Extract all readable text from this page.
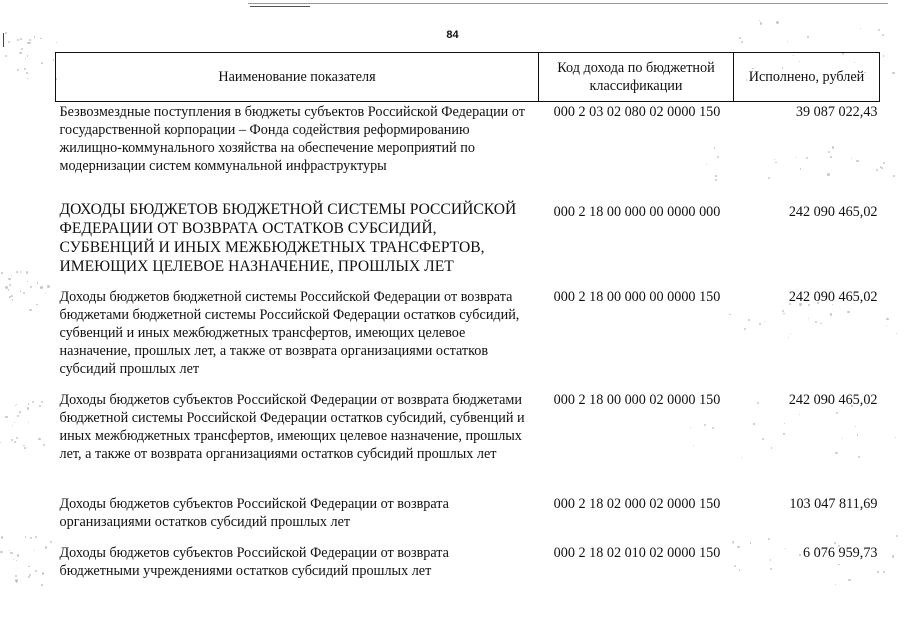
84
Наименование показателя	Код дохода по бюджетной классификации	Исполнено, рублей
Безвозмездные поступления в бюджеты субъектов Российской Федерации от государственной корпорации – Фонда содействия реформированию жилищно-коммунального хозяйства на обеспечение мероприятий по модернизации систем коммунальной инфраструктуры	000 2 03 02 080 02 0000 150	39 087 022,43

ДОХОДЫ БЮДЖЕТОВ БЮДЖЕТНОЙ СИСТЕМЫ РОССИЙСКОЙ ФЕДЕРАЦИИ ОТ ВОЗВРАТА ОСТАТКОВ СУБСИДИЙ, СУБВЕНЦИЙ И ИНЫХ МЕЖБЮДЖЕТНЫХ ТРАНСФЕРТОВ, ИМЕЮЩИХ ЦЕЛЕВОЕ НАЗНАЧЕНИЕ, ПРОШЛЫХ ЛЕТ	000 2 18 00 000 00 0000 000	242 090 465,02
Доходы бюджетов бюджетной системы Российской Федерации от возврата бюджетами бюджетной системы Российской Федерации остатков субсидий, субвенций и иных межбюджетных трансфертов, имеющих целевое назначение, прошлых лет, а также от возврата организациями остатков субсидий прошлых лет	000 2 18 00 000 00 0000 150	242 090 465,02
Доходы бюджетов субъектов Российской Федерации от возврата бюджетами бюджетной системы Российской Федерации остатков субсидий, субвенций и иных межбюджетных трансфертов, имеющих целевое назначение, прошлых лет, а также от возврата организациями остатков субсидий прошлых лет	000 2 18 00 000 02 0000 150	242 090 465,02
Доходы бюджетов субъектов Российской Федерации от возврата организациями остатков субсидий прошлых лет	000 2 18 02 000 02 0000 150	103 047 811,69
Доходы бюджетов субъектов Российской Федерации от возврата бюджетными учреждениями остатков субсидий прошлых лет	000 2 18 02 010 02 0000 150	6 076 959,73
